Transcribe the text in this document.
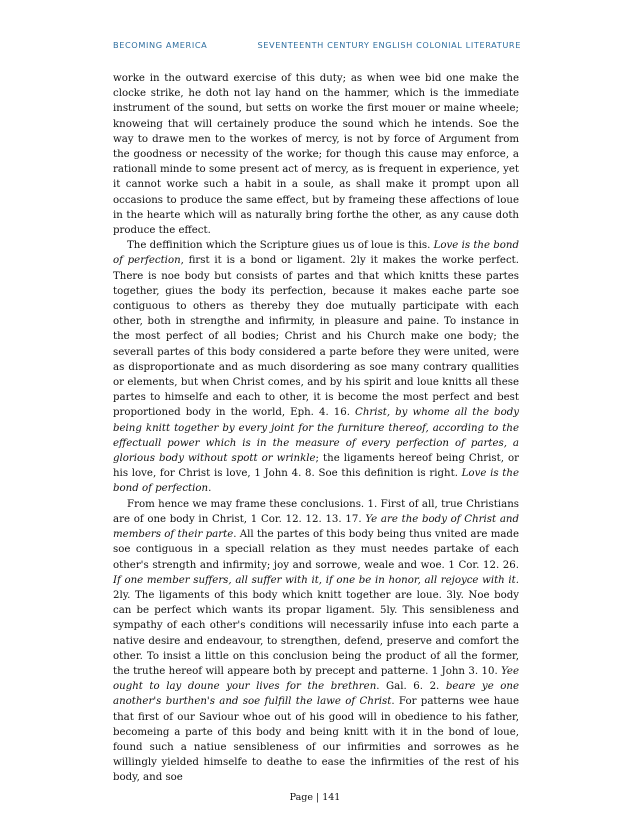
BECOMING AMERICA	SEVENTEENTH CENTURY ENGLISH COLONIAL LITERATURE

worke in the outward exercise of this duty; as when wee bid one make the clocke strike, he doth not lay hand on the hammer, which is the immediate instrument of the sound, but setts on worke the first mouer or maine wheele; knoweing that will certainely produce the sound which he intends. Soe the way to drawe men to the workes of mercy, is not by force of Argument from the goodness or necessity of the worke; for though this cause may enforce, a rationall minde to some present act of mercy, as is frequent in experience, yet it cannot worke such a habit in a soule, as shall make it prompt upon all occasions to produce the same effect, but by frameing these affections of loue in the hearte which will as naturally bring forthe the other, as any cause doth produce the effect.

The deffinition which the Scripture giues us of loue is this. Love is the bond of perfection, first it is a bond or ligament. 2ly it makes the worke perfect. There is noe body but consists of partes and that which knitts these partes together, giues the body its perfection, because it makes eache parte soe contiguous to others as thereby they doe mutually participate with each other, both in strengthe and infirmity, in pleasure and paine. To instance in the most perfect of all bodies; Christ and his Church make one body; the severall partes of this body considered a parte before they were united, were as disproportionate and as much disordering as soe many contrary quallities or elements, but when Christ comes, and by his spirit and loue knitts all these partes to himselfe and each to other, it is become the most perfect and best proportioned body in the world, Eph. 4. 16. Christ, by whome all the body being knitt together by every joint for the furniture thereof, according to the effectuall power which is in the measure of every perfection of partes, a glorious body without spott or wrinkle; the ligaments hereof being Christ, or his love, for Christ is love, 1 John 4. 8. Soe this definition is right. Love is the bond of perfection.

From hence we may frame these conclusions. 1. First of all, true Christians are of one body in Christ, 1 Cor. 12. 12. 13. 17. Ye are the body of Christ and members of their parte. All the partes of this body being thus vnited are made soe contiguous in a speciall relation as they must needes partake of each other's strength and infirmity; joy and sorrowe, weale and woe. 1 Cor. 12. 26. If one member suffers, all suffer with it, if one be in honor, all rejoyce with it. 2ly. The ligaments of this body which knitt together are loue. 3ly. Noe body can be perfect which wants its propar ligament. 5ly. This sensibleness and sympathy of each other's conditions will necessarily infuse into each parte a native desire and endeavour, to strengthen, defend, preserve and comfort the other. To insist a little on this conclusion being the product of all the former, the truthe hereof will appeare both by precept and patterne. 1 John 3. 10. Yee ought to lay doune your lives for the brethren. Gal. 6. 2. beare ye one another's burthen's and soe fulfill the lawe of Christ. For patterns wee haue that first of our Saviour whoe out of his good will in obedience to his father, becomeing a parte of this body and being knitt with it in the bond of loue, found such a natiue sensibleness of our infirmities and sorrowes as he willingly yielded himselfe to deathe to ease the infirmities of the rest of his body, and soe

Page | 141
